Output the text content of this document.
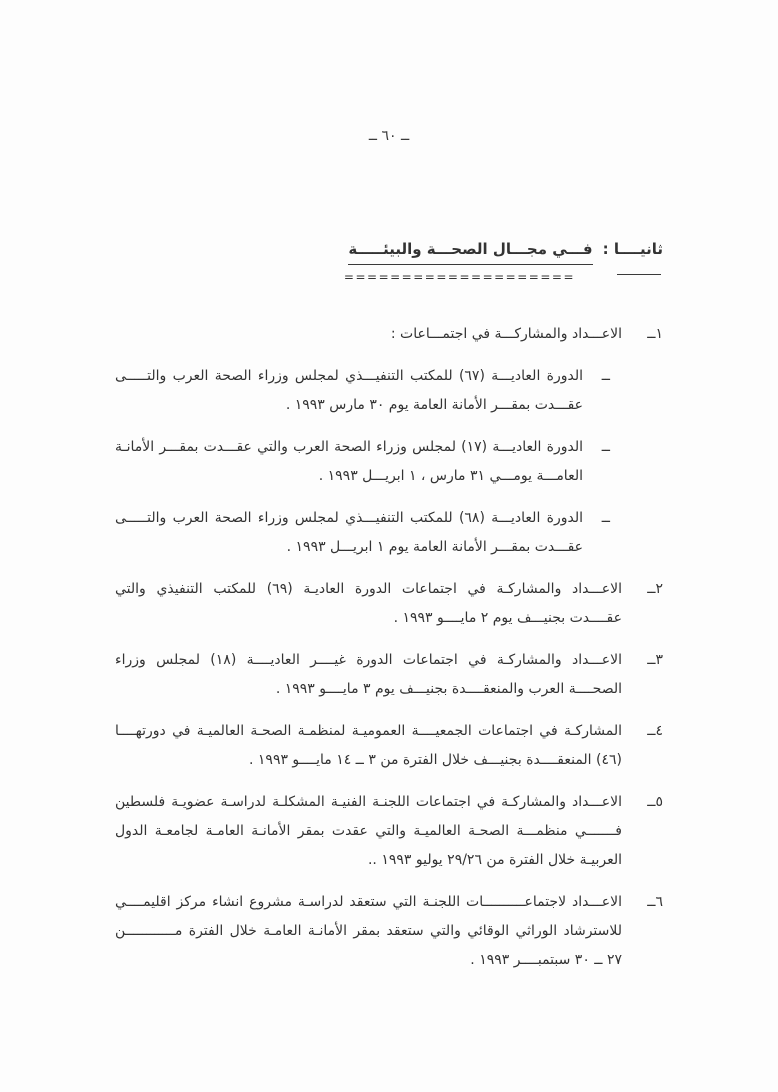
ــ ٦٠ ــ
ثانيــــا :
فـــي مجـــال الصحـــة والبيئـــــة
====================
١ــ

الاعـــداد والمشاركـــة في اجتمـــاعات :

ــ

الدورة العاديـــة (٦٧) للمكتب التنفيـــذي لمجلس وزراء الصحة العرب والتـــــى عقـــدت بمقـــر الأمانة العامة يوم ٣٠ مارس ١٩٩٣ .

ــ

الدورة العاديـــة (١٧) لمجلس وزراء الصحة العرب والتي عقـــدت بمقـــر الأمانـة العامـــة يومـــي ٣١ مارس ، ١ ابريـــل ١٩٩٣ .

ــ

الدورة العاديـــة (٦٨) للمكتب التنفيـــذي لمجلس وزراء الصحة العرب والتـــــى عقـــدت بمقـــر الأمانة العامة يوم ١ ابريـــل ١٩٩٣ .

٢ــ

الاعـــداد والمشاركـة في اجتماعات الدورة العاديـة (٦٩) للمكتب التنفيذي والتي عقــــدت بجنيـــف يوم ٢ مايــــو ١٩٩٣ .

٣ــ

الاعـــداد والمشاركـة في اجتماعات الدورة غيــــر العاديــــة (١٨) لمجلس وزراء الصحــــة العرب والمنعقــــدة بجنيـــف يوم ٣ مايــــو ١٩٩٣ .

٤ــ

المشاركـة في اجتماعات الجمعيــــة العموميـة لمنظمـة الصحـة العالميـة في دورتهــــا (٤٦) المنعقــــدة بجنيـــف خلال الفترة من ٣ ــ ١٤ مايــــو ١٩٩٣ .

٥ــ

الاعـــداد والمشاركـة في اجتماعات اللجنـة الفنيـة المشكلـة لدراسـة عضويـة فلسطين فـــــــي منظمـــة الصحـة العالميـة والتي عقدت بمقر الأمانـة العامـة لجامعـة الدول العربيـة خلال الفترة من ٢٩/٢٦ يوليو ١٩٩٣ ..

٦ــ

الاعـــداد لاجتماعــــــــــات اللجنـة التي ستعقد لدراسـة مشروع انشاء مركز اقليمــــي للاسترشاد الوراثي الوقائي والتي ستعقد بمقر الأمانـة العامـة خلال الفترة مــــــــــــن ٢٧ ــ ٣٠ سبتمبــــر ١٩٩٣ .
